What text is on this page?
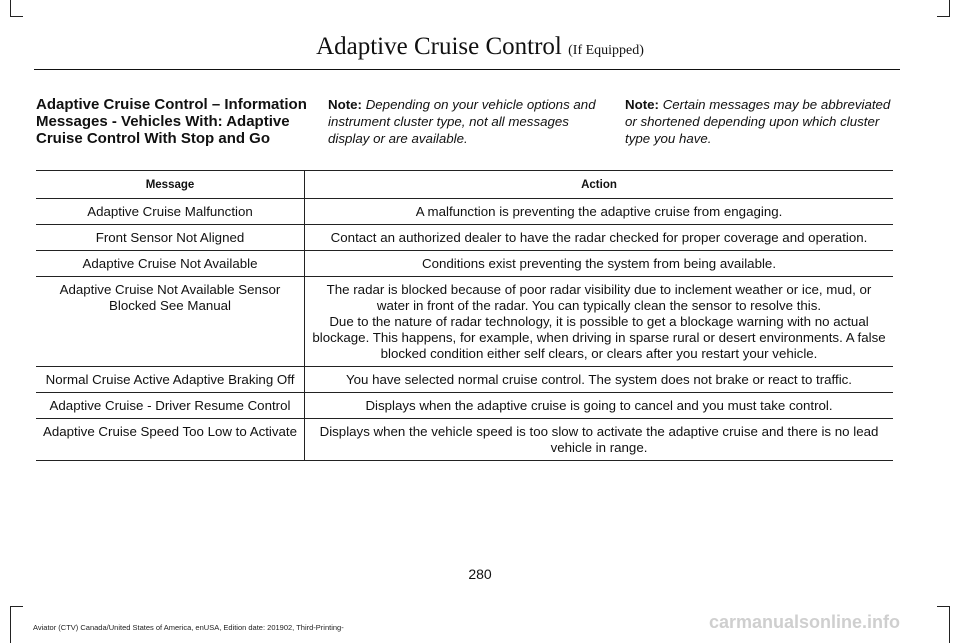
Adaptive Cruise Control (If Equipped)
Adaptive Cruise Control – Information Messages - Vehicles With: Adaptive Cruise Control With Stop and Go
Note: Depending on your vehicle options and instrument cluster type, not all messages display or are available.
Note: Certain messages may be abbreviated or shortened depending upon which cluster type you have.
Message	Action
Adaptive Cruise Malfunction	A malfunction is preventing the adaptive cruise from engaging.

Front Sensor Not Aligned	Contact an authorized dealer to have the radar checked for proper coverage and operation.

Adaptive Cruise Not Available	Conditions exist preventing the system from being available.

Adaptive Cruise Not Available Sensor Blocked See Manual	The radar is blocked because of poor radar visibility due to inclement weather or ice, mud, or water in front of the radar. You can typically clean the sensor to resolve this.

Due to the nature of radar technology, it is possible to get a blockage warning with no actual blockage. This happens, for example, when driving in sparse rural or desert environments. A false blocked condition either self clears, or clears after you restart your vehicle.

Normal Cruise Active Adaptive Braking Off	You have selected normal cruise control. The system does not brake or react to traffic.

Adaptive Cruise - Driver Resume Control	Displays when the adaptive cruise is going to cancel and you must take control.

Adaptive Cruise Speed Too Low to Activate	Displays when the vehicle speed is too slow to activate the adaptive cruise and there is no lead vehicle in range.

280
Aviator (CTV) Canada/United States of America, enUSA, Edition date: 201902, Third-Printing-	carmanualsonline.info
